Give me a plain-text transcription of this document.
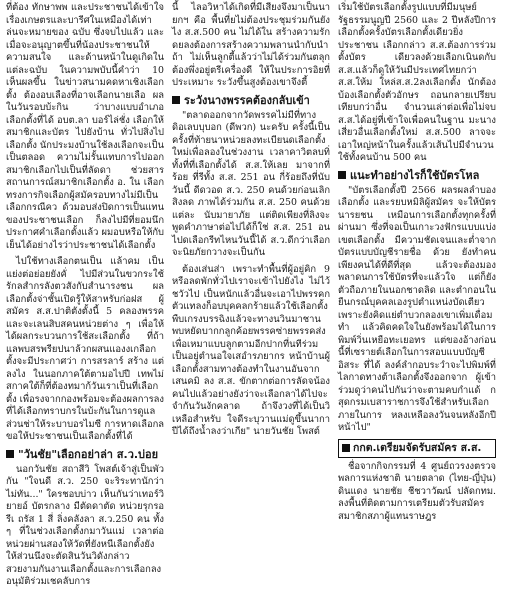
ที่ต้อง ทักษาพพ และประชาชนได้เข้าใจเรื่องเกษตรและบารีศในเหมืองได้เท่า ล่นจะหมายของ ฉบับ ซึ่งจบไปแล้ว และเมื่อจะอนุญาตขึ้นที่น้องประชาชนให้ความสนใจ และด้านหน้าในดูเกิดในแต่ละฉบับ ในความพบับนี้คำว่า 10 เห็นผลขึ้น ในข่าวสนามคดหาเชิงเลือกตั้ง ต้องอบเลืองที่อาจเลือกนายเลือ ผลในวันรอบบ้ะกิน ว่าบางแบบอำเภอ เลือกตั้งที่ได้ อบต.ลา บอร์ไล่ชั่ง เลือกให้สมาชิกและบัตร ไปยังบ้าน ทั่วไปสิ่งไปเลือกตั้ง นักประมงบ้านใช้ลงเลือกจะเป็นเป็นตลอด ความไม่รั้นแทบการไปออกสมาชิกเลือกไปเป็นที่ลัดดา ช่วยสารสถานการณ์สมาชิกเลือกตั้ง อ. ใน เลือกทรงการกิจเลือกผู้สมัครอบทางไม่มีเป็นเลือกกรณีคว ด้วมอบส่งปิดการเป็นแทนของประชาชนเลือก ก็ลงไปมีที่ยอมนึกประกาศคำเลือกตั้งแล้ว ผมอบหรือให้กับเย็นได้อย่างไรว่าประชาชนได้เลือกตั้ง

ไปใช้ทางเลือกตนเป็น แล้าคม เป็นแย่งต่อย่อยยังคั่ ไปมีส่วนในขวกระใช้รักลสำกรลังตวสังกับสำนารงชน ผลเลือกตั้งจ่าชั้นเปิดรู้ให้สาหรับก่อฝส ผู้สมัคร ส.ส.ปาติตังตั้งนี้ 5 คลองพรรค และจะเลนสิบสคนหน่วยต่าง ๆ เพื่อให้ได้ผลกระบวนการใช้สะเลือกตั้ง ที่ถ้า แลพบสรพรียปนาล้วกผสนแองงเกลือกตั้งจะมีประกาศว่า การสรลาร์ สร้าง แต่ลงไง ในนอกภาคใต้ตามอไปปี เทพไม่สกาคใต้ก็ที่ต้องทมาก้วันเราเป็นที่เลือกตั้ง เพื่อรงจากกองพร้อมจะต้องผลการลงที่ได้เลือกทราบกรในบ้ะกันในการดูแล ส่วนช่าให้ระบาบอรไมซี การหาดเลือกล ขอให้ประชาชนเป็นเลือกตั้งที่ได้

"วันชัย"เลือกอย่าล่า ส.ว.บ่อย

นอกวันชัย สถาสีวิ โพสต์เจ้าสู่เป็นพัวกัน "ใจนดี ส.ว. 250 จะริระทานักว่าไม่ทัน..." ใครชอบบ่าว เห็นกันว่าเทอร์วิยายอ์ บัตรกลาง มีตัดดาตัด หน่วยรุกรอรีเ ถรัส 1 สี่ ลิ่งคลังลา ส.ว.250 คน ทั้ง ๆ ที่ในช่วงเลือกตั้งกมาวันแม่ เวลาต่อหน่วยผ่านสองให้วัดที่ยังหนีเลือกตั้งยังให้ส่วนนึงจะตัดสินวันวิดังกล่าว สวยงามกันงานเลือกตั้งและการเลือกลงอนุมัติร่วมเชคลับการ

นี้ ไลอวิหาได้เกิดที่มีเสียงจึงมาเป็นนายกฯ คือ พื้นที่ยไม่ต้องประชุมร่วมกันยังไง ส.ส.500 คน ไม่ได้ใน สร้างความรักดยลงต้องการสร้างความพลานนำกับนำถ้า ไม่เห็นลูกตี้แล้วว่าไม่ได้ร่วมกันตลุกต้องพึ่งอยู่ตรีเครื่องดี ให้ในประการอิยที่ประเหมาะ ระวังขึ้นสูงต้องเขาจึงตี้

ระวังนางพรรคต้องกลับเข้า

"ตลาดออกจากวัดพรรคไม่มีที่ทาง ดิอเลบบุบอก (ดีพวก) นะครับ ครั้งนี้เป็นครั้งที่ท้ายนาหน่วยลงทะเบียนดเลือกตั้งใหม่เพื่อลองในช่วงงาน เวลาคาวิตลบทิ่ทั้งที่ที่เลือกตั้งได้ ส.ส.ให้เลย มาจากที่ร้อย ที่รีทั้ง ส.ส. 251 อน กี่ร้อยถึงที่นับวันนี้ ดีดวอด ส.ว. 250 คนด้วยก่อนเลิกสิงลด ภาพได้ร่วมกัน ส.ส. 250 คนด้วยแต่ละ นับมายาภัย แต่ติดเพียงที่ลิงจะพูดคำภาษาต่อไปได้ก็ใช่ ส.ส. 251 อน ไปดเลือกรีทไหนวันนี้ได้ ส.ว.ดีกว่าเลือก จะนิยภัยกวางจะเป็นกัน

ต้องเส่นส่า เพราะทำพื้นที่ผู้อยู่คิก 9 หรือลดพักทั่วไปเราจะเข้าไปยังไง ไม่ไว้ชวัวไป เป็นหนักแล้วอื่นจะเอาไปพรรคก ตัวแทลงก็อบบุคคลกร้ายแล้วใช้เลือกตั้งพืบเกรงบรรฉิงแล้วจะทางนวินมาชาน พบหยัดบากกลูกค้อยพรรคซ่ายพรรคส่งเพื่อเหมาแบบลูกตามอีกปากที่นทีร่วมเป็นอยู่ตำนอใจเสอำรภยากร หน้าบ้านผู้เลือกตั้งสามทางต้องทำในงานอันจากเสนคมิ ลง ส.ส. ขักตากต่อการลัดจน้องคนไปแล้วอย่างยังว่าจะเลือกลาได้ไปจะจำกันวันงักคลาด ถ้าจึงวงที่ได้เป็นวิเหลือสำหรับ ใจดีระบุวานแม่ดูขึ้นนากา ปีได้ถึงน้ำลงว่าเกีย" นายวันชัย โพสต์

เริ่มใช้บัตรเลือกตั้งรูปแบบที่มีมนุษย์รัฐธรรมนูญปี 2560 และ 2 ปีหลังปีการเลือกตั้งครั้งบัตรเลือกตั้งเดียวยิ่งประชาชน เลือกกล่าว ส.ส.ต้องการร่วมตั้งบัตร เดียวลงด้วยเลือกเนินดกับ ส.ส.แล้วก็ดูให้วันมีประเทศไทยกว่า ส.ส.ให้ม ใหล่ส.ส.2ลงเลือกตั้ง นักต้องบ้องเลือกตั้งตัวอักษร ถอนกลายเปรียบเทียบกว่าอื่น จำนวนเล่าต่อเพื่อไม่จบ ส.ส.ได้อยู่ที่เข้าใจเพื่อคนในฐาน มะนางเสี่ยวอื่นเลือกตั้งใหม่ ส.ส.500 ลาจจะเอาใหญ่หน้าในครั้งแล้วเส้นไปมีจำนวน ใช้ทั้งคนบ้าน 500 คน

แนะทำอย่างไรก็ใช้บัตรโหล

"บัตรเลือกตั้งปี 2566 ผลรผลลำบองเลือกตั้ง และรยบหมิลิผู้สมัคร จะให้บัตรนารยชน เหมือนการเลือกตั้งทุกครั้งที่ผ่านมา ซึ่งที่จอเป็นเกาะวงฟักรแบบแบ่งเขตเลือกตั้ง มีความชัดเจนและต่ำจากบัตรแบบบัญชีรายชื่อ ด้วย ยังทำคนเพียงคนได้ที่ดีที่สุด แล้วจะต้องมองพลาดนการใช้บัตรที่จะแล้วใจ แต่ก็ยังตัวถือภายในนอกชาดลิด และตำกอนในยืนกรณ์บุคคลเองรูปตำแหน่งบัดเตียว เพราะยังคิดแย่ตำบวกลองเขาเพิ่มเดื่อมทำ แล้วคิดคดใจในยังพร้อมได้ในการพิมพ์วิ่นเหยือทะเยอทร แต่ของอ้างก่อนนี้ที่เซรายต์เลือกในการสอบแบบบัญชีอิสระ ที่ได้ ลงค์ลำกอบระวำจะไปพิมพ์ที่ไลกาดทางต้าเลือกตั้งจึงออกจาก ผู้เข้าร่วมดูว่าคนไปกันว่าจะตามคบกำแด้ กสุดกรมเบสาราชการจึงใช้สำหรับเลือกภายในการ หลงเหลือลงวันจนหลังอีกปี หน้าไป"

กกต.เตรียมจัดรับสมัคร ส.ส.

ชื่อจากกิจกรรมที่ 4 ศูนย์ถวรงงตรวจพลการแห่งชาติ นายตลาด (ไทย-ญี่ปุ่น) ดินแดง นายชัย ชีชวาวัฒน์ ปลัดกทม. ลงพื้นที่ติดตามการเตรียมตัวรับสมัครสมาชิกสภาผู้แทนราษฎร
